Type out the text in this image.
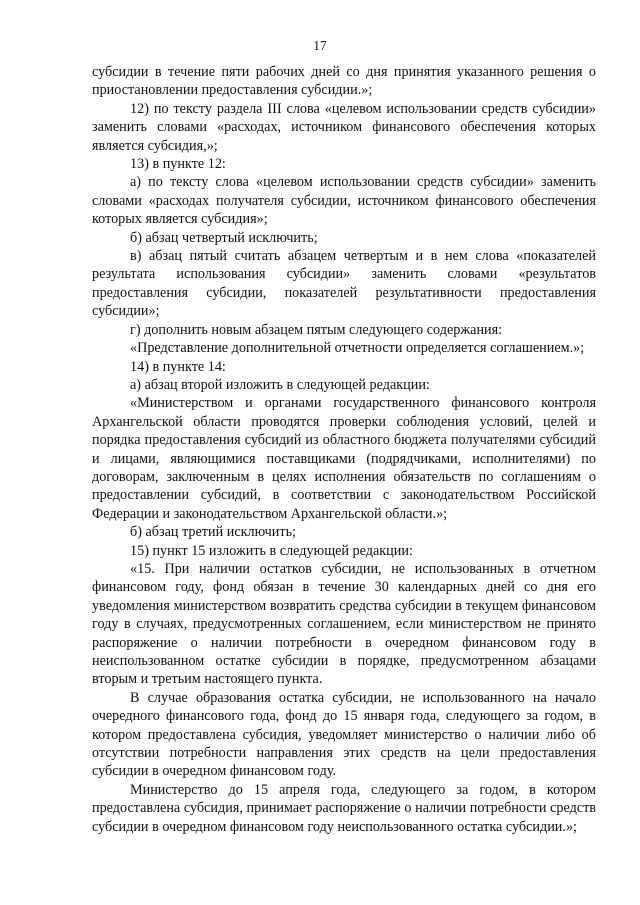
17

субсидии в течение пяти рабочих дней со дня принятия указанного решения о приостановлении предоставления субсидии.»;

12) по тексту раздела III слова «целевом использовании средств субсидии» заменить словами «расходах, источником финансового обеспечения которых является субсидия,»;

13) в пункте 12:

а) по тексту слова «целевом использовании средств субсидии» заменить словами «расходах получателя субсидии, источником финансового обеспечения которых является субсидия»;

б) абзац четвертый исключить;

в) абзац пятый считать абзацем четвертым и в нем слова «показателей результата использования субсидии» заменить словами «результатов предоставления субсидии, показателей результативности предоставления субсидии»;

г) дополнить новым абзацем пятым следующего содержания:

«Представление дополнительной отчетности определяется соглашением.»;

14) в пункте 14:

а) абзац второй изложить в следующей редакции:

«Министерством и органами государственного финансового контроля Архангельской области проводятся проверки соблюдения условий, целей и порядка предоставления субсидий из областного бюджета получателями субсидий и лицами, являющимися поставщиками (подрядчиками, исполнителями) по договорам, заключенным в целях исполнения обязательств по соглашениям о предоставлении субсидий, в соответствии с законодательством Российской Федерации и законодательством Архангельской области.»;

б) абзац третий исключить;

15) пункт 15 изложить в следующей редакции:

«15. При наличии остатков субсидии, не использованных в отчетном финансовом году, фонд обязан в течение 30 календарных дней со дня его уведомления министерством возвратить средства субсидии в текущем финансовом году в случаях, предусмотренных соглашением, если министерством не принято распоряжение о наличии потребности в очередном финансовом году в неиспользованном остатке субсидии в порядке, предусмотренном абзацами вторым и третьим настоящего пункта.

В случае образования остатка субсидии, не использованного на начало очередного финансового года, фонд до 15 января года, следующего за годом, в котором предоставлена субсидия, уведомляет министерство о наличии либо об отсутствии потребности направления этих средств на цели предоставления субсидии в очередном финансовом году.

Министерство до 15 апреля года, следующего за годом, в котором предоставлена субсидия, принимает распоряжение о наличии потребности средств субсидии в очередном финансовом году неиспользованного остатка субсидии.»;
